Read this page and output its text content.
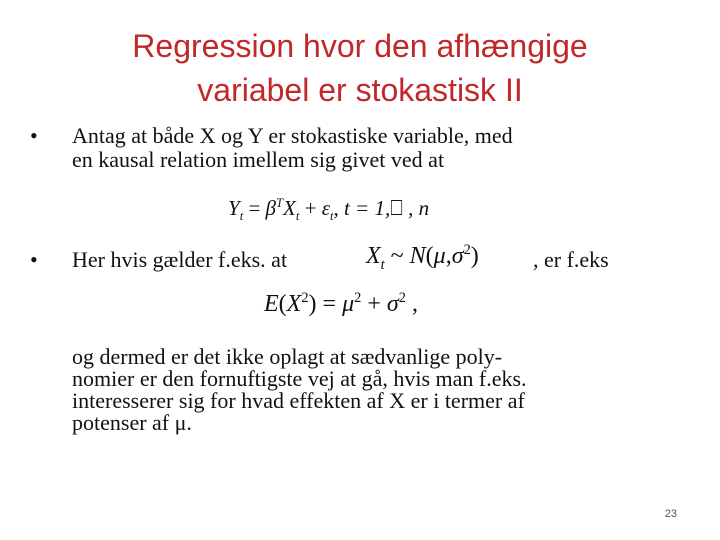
Regression hvor den afhængige
variabel er stokastisk II
• Antag at både X og Y er stokastiske variable, med
en kausal relation imellem sig givet ved at
$Y_t = \beta^TX_t + \varepsilon_t$, t = 1,⎕ , n
• Her hvis gælder f.eks. at	$X_t$ ~ $N(\mu,\sigma^2)$ , er f.eks
$E(X^2) = \mu^2 + \sigma^2$ ,
og dermed er det ikke oplagt at sædvanlige poly-
nomier er den fornuftigste vej at gå, hvis man f.eks.
interesserer sig for hvad effekten af X er i termer af
potenser af μ.
23
